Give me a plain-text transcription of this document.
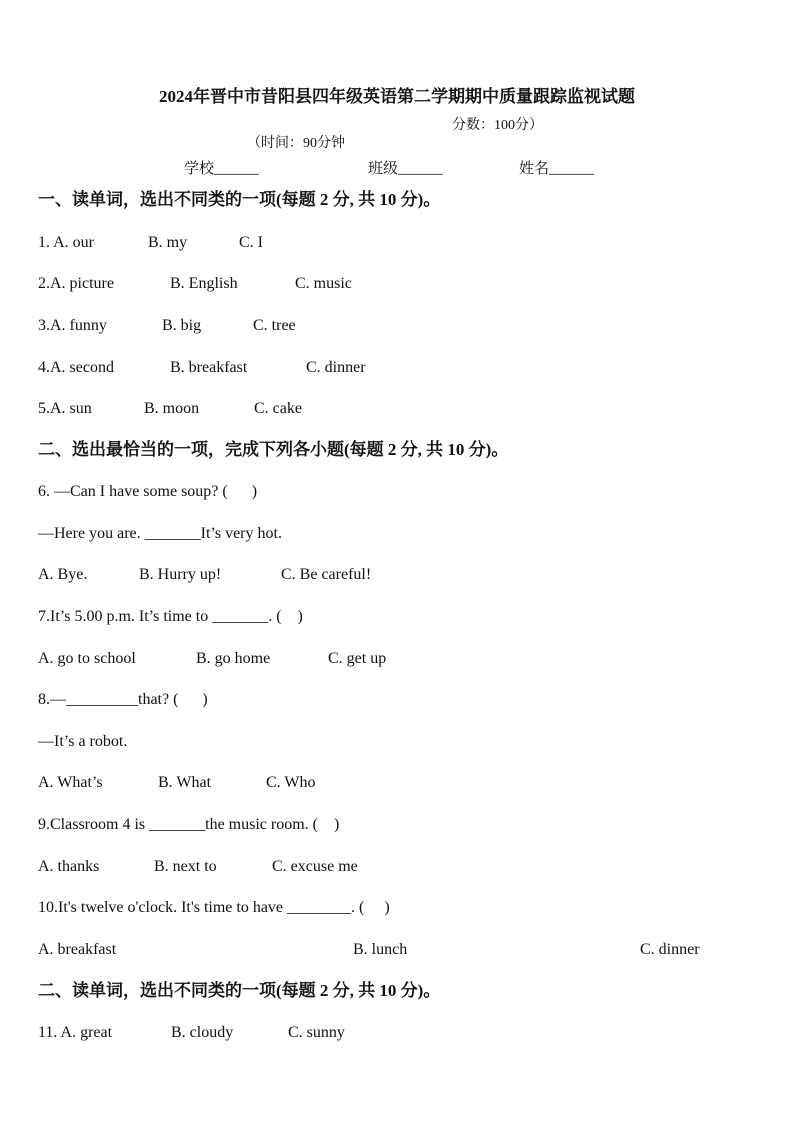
2024年晋中市昔阳县四年级英语第二学期期中质量跟踪监视试题

（时间：90分钟

分数：100分）

学校______	班级______	姓名______
一、读单词，选出不同类的一项(每题 2 分, 共 10 分)。

1. A. our

	B. my

	C. I

2.A. picture

	B. English

	C. music

3.A. funny

	B. big

	C. tree

4.A. second

	B. breakfast

	C. dinner

5.A. sun

	B. moon

	C. cake

二、选出最恰当的一项，完成下列各小题(每题 2 分, 共 10 分)。
6. —Can I have some soup? (      )
—Here you are. _______It’s very hot.

A. Bye.

	B. Hurry up!

	C. Be careful!

7.It’s 5.00 p.m. It’s time to _______. (    )

A. go to school

	B. go home

	C. get up

8.—_________that? (      )
—It’s a robot.

A. What’s

	B. What

	C. Who

9.Classroom 4 is _______the music room. (    )

A. thanks

	B. next to

	C. excuse me

10.It's twelve o'clock. It's time to have ________. (     )

A. breakfast

	B. lunch

	C. dinner

二、读单词，选出不同类的一项(每题 2 分, 共 10 分)。

11. A. great

	B. cloudy

	C. sunny
